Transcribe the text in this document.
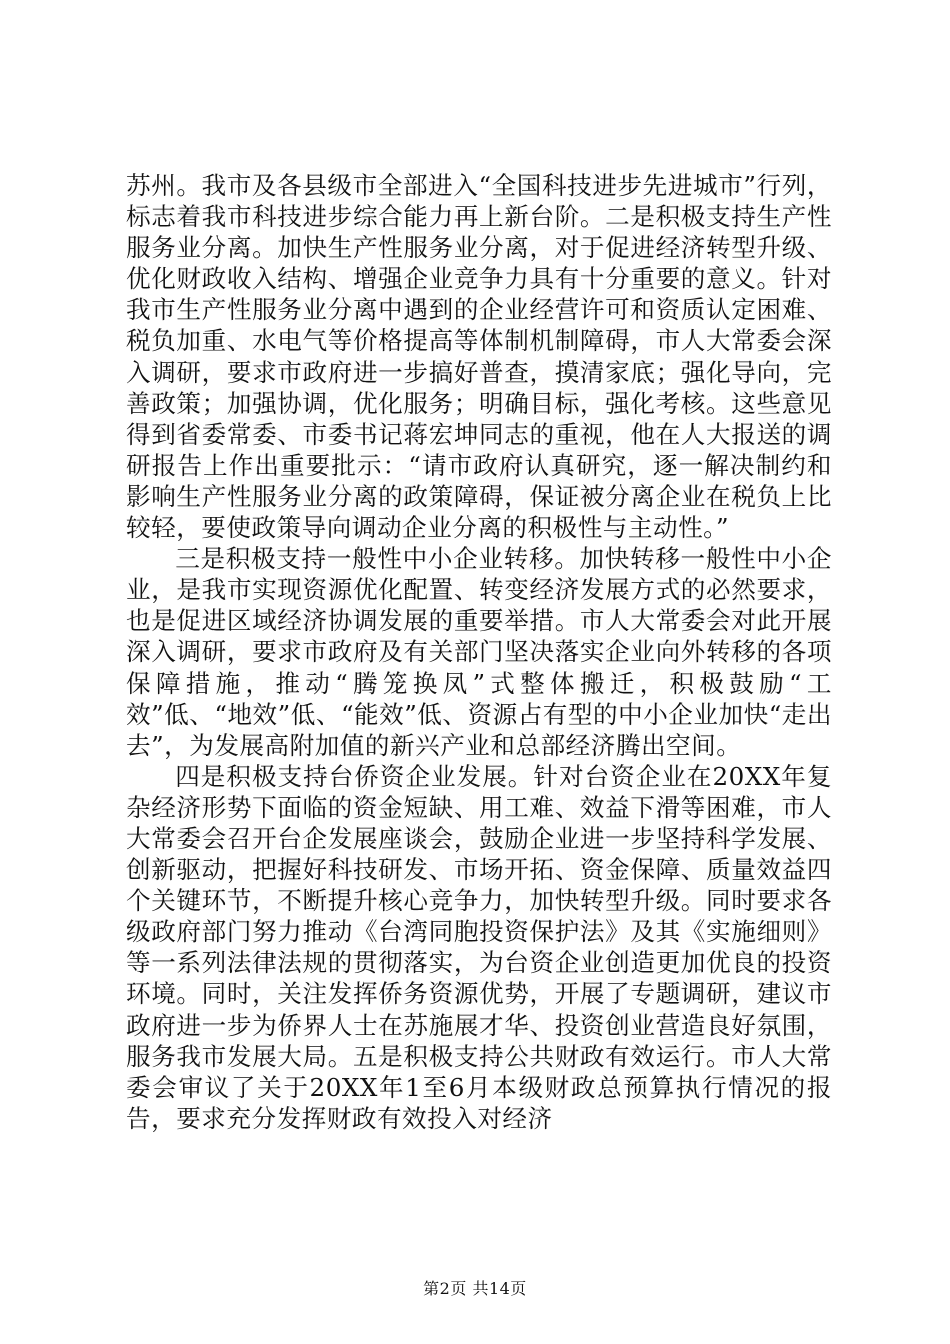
苏州。我市及各县级市全部进入“全国科技进步先进城市”行列，标志着我市科技进步综合能力再上新台阶。二是积极支持生产性服务业分离。加快生产性服务业分离，对于促进经济转型升级、优化财政收入结构、增强企业竞争力具有十分重要的意义。针对我市生产性服务业分离中遇到的企业经营许可和资质认定困难、税负加重、水电气等价格提高等体制机制障碍，市人大常委会深入调研，要求市政府进一步搞好普查，摸清家底；强化导向，完善政策；加强协调，优化服务；明确目标，强化考核。这些意见得到省委常委、市委书记蒋宏坤同志的重视，他在人大报送的调研报告上作出重要批示：“请市政府认真研究，逐一解决制约和影响生产性服务业分离的政策障碍，保证被分离企业在税负上比较轻，要使政策导向调动企业分离的积极性与主动性。”

三是积极支持一般性中小企业转移。加快转移一般性中小企业，是我市实现资源优化配置、转变经济发展方式的必然要求，也是促进区域经济协调发展的重要举措。市人大常委会对此开展深入调研，要求市政府及有关部门坚决落实企业向外转移的各项保障措施，推动“腾笼换凤”式整体搬迁，积极鼓励“工效”低、“地效”低、“能效”低、资源占有型的中小企业加快“走出去”，为发展高附加值的新兴产业和总部经济腾出空间。

四是积极支持台侨资企业发展。针对台资企业在20XX年复杂经济形势下面临的资金短缺、用工难、效益下滑等困难，市人大常委会召开台企发展座谈会，鼓励企业进一步坚持科学发展、创新驱动，把握好科技研发、市场开拓、资金保障、质量效益四个关键环节，不断提升核心竞争力，加快转型升级。同时要求各级政府部门努力推动《台湾同胞投资保护法》及其《实施细则》等一系列法律法规的贯彻落实，为台资企业创造更加优良的投资环境。同时，关注发挥侨务资源优势，开展了专题调研，建议市政府进一步为侨界人士在苏施展才华、投资创业营造良好氛围，服务我市发展大局。五是积极支持公共财政有效运行。市人大常委会审议了关于20XX年1至6月本级财政总预算执行情况的报告，要求充分发挥财政有效投入对经济

第2页 共14页
